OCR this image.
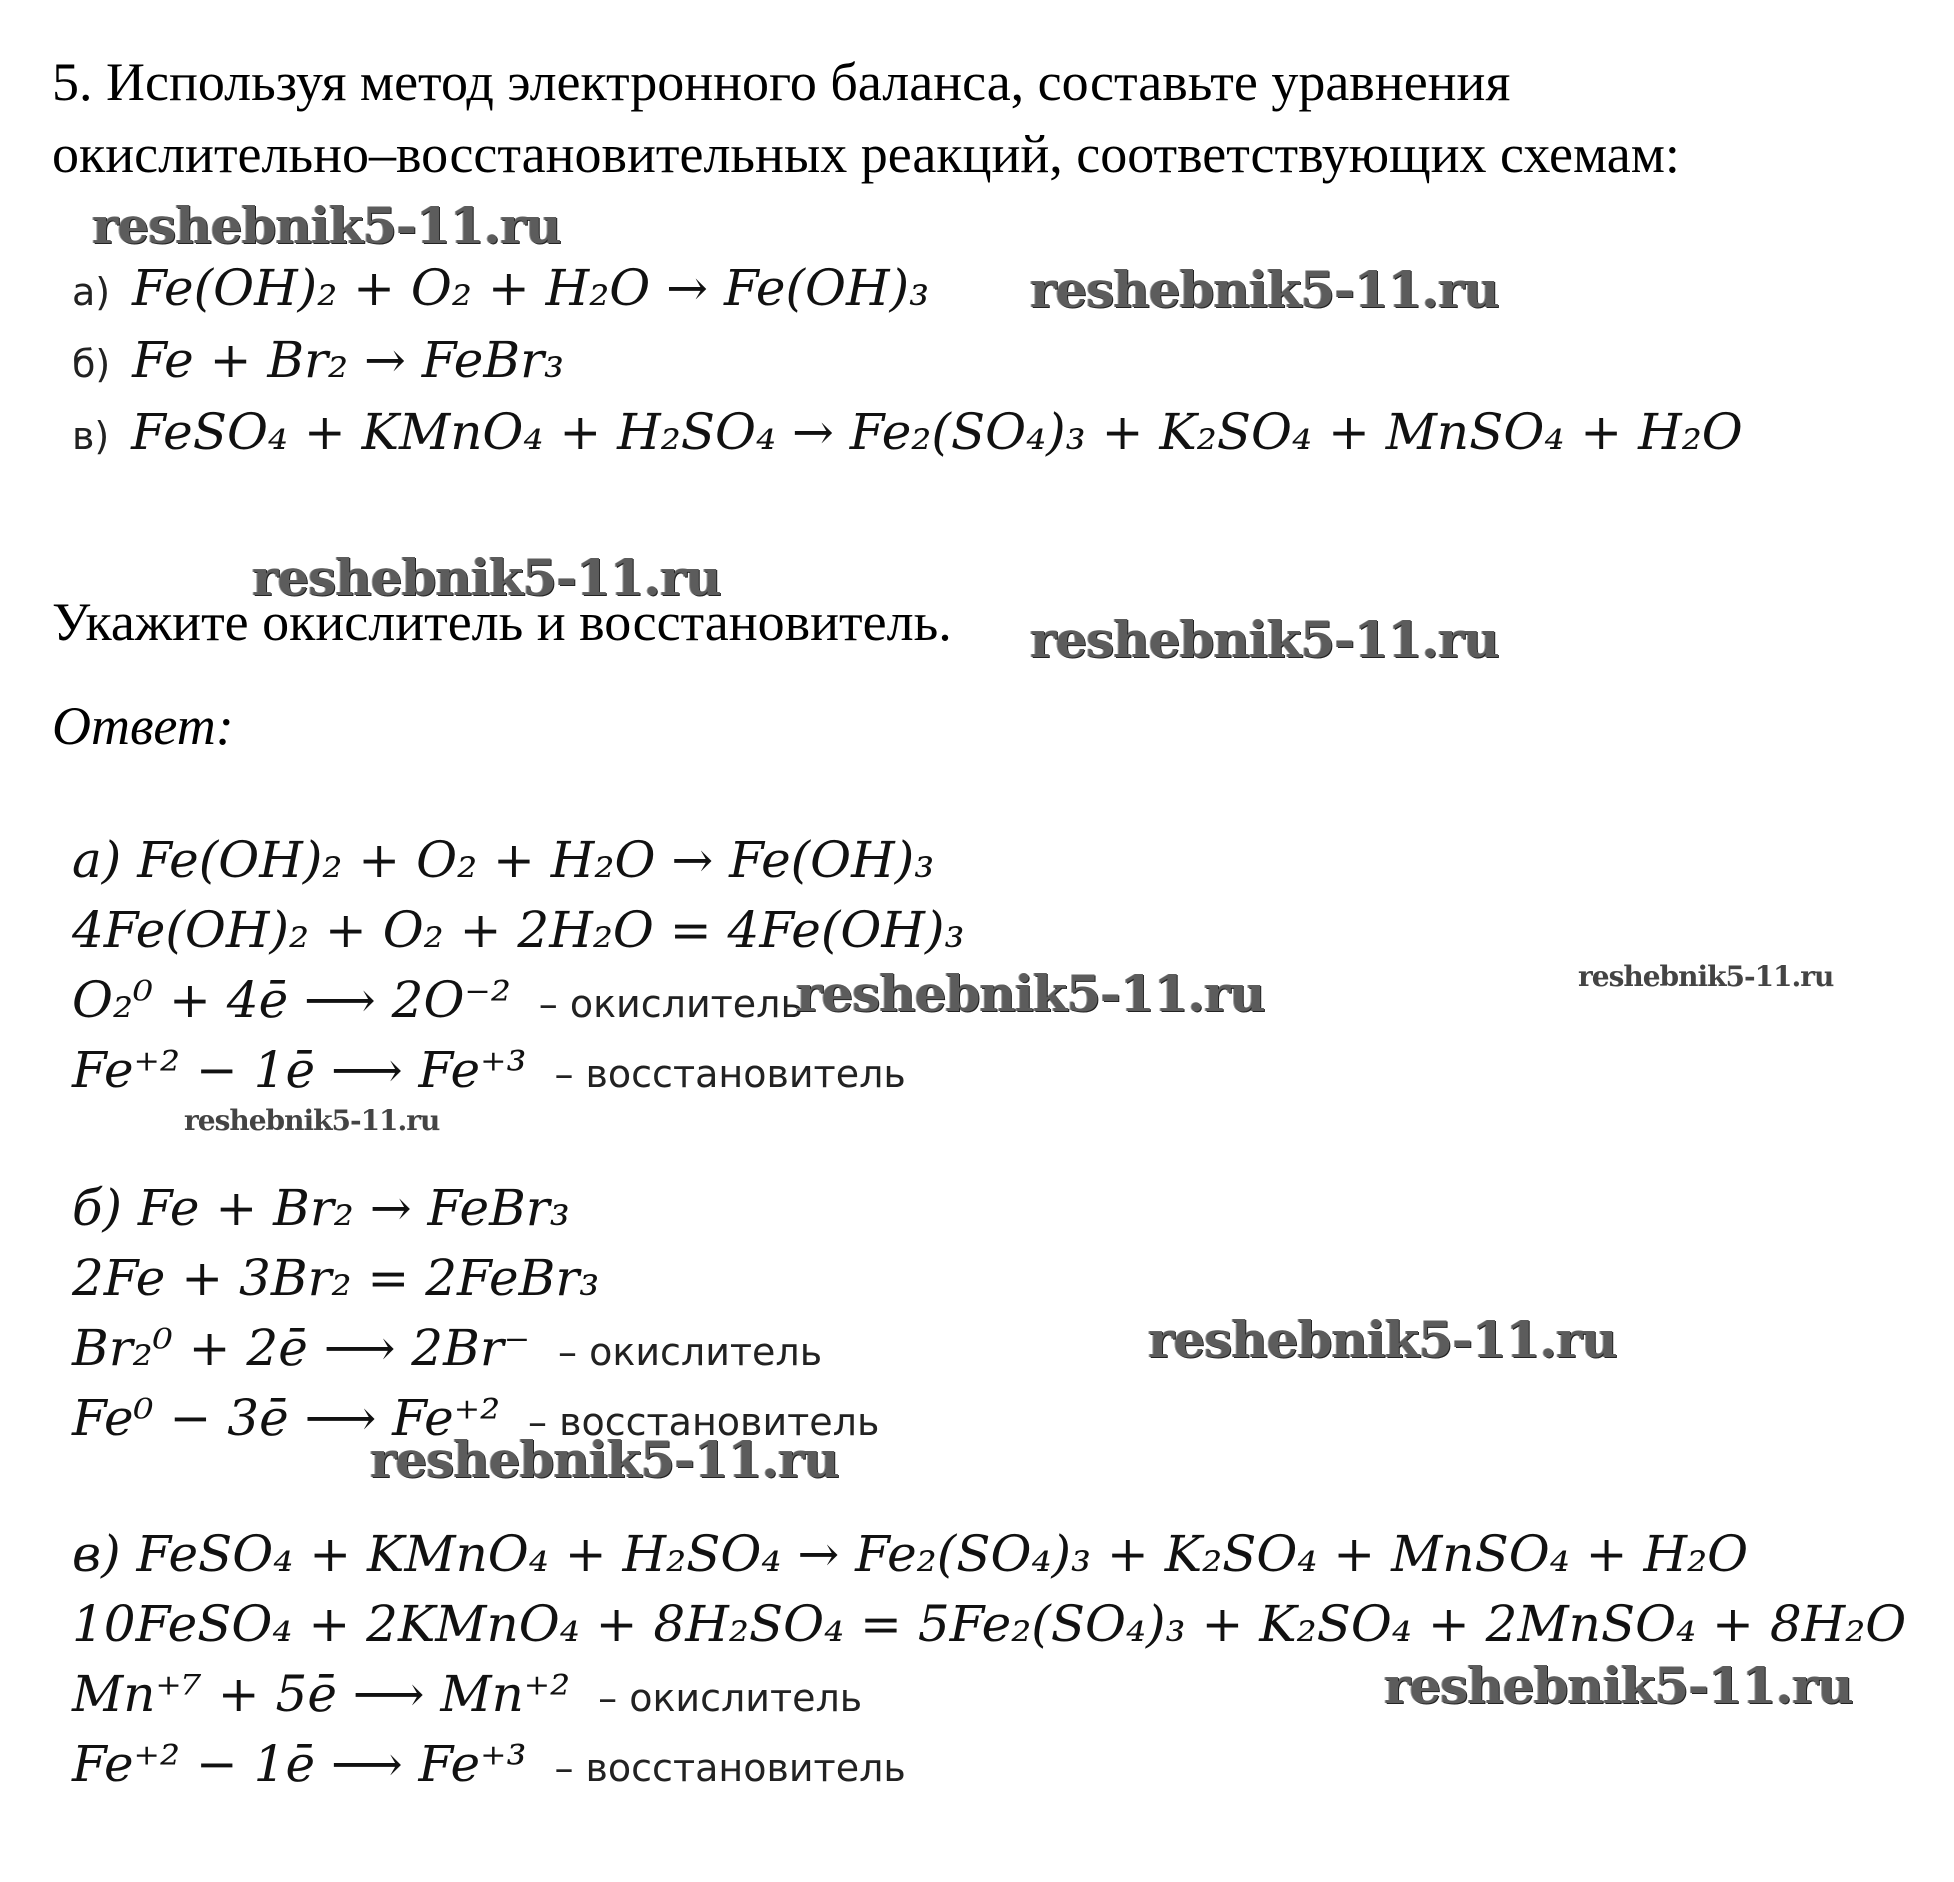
5. Используя метод электронного баланса, составьте уравнения
окислительно–восстановительных реакций, соответствующих схемам:
а) Fe(OH)₂ + O₂ + H₂O → Fe(OH)₃
б) Fe + Br₂ → FeBr₃
в) FeSO₄ + KMnO₄ + H₂SO₄ → Fe₂(SO₄)₃ + K₂SO₄ + MnSO₄ + H₂O
Укажите окислитель и восстановитель.
Ответ:
а) Fe(OH)₂ + O₂ + H₂O → Fe(OH)₃
4Fe(OH)₂ + O₂ + 2H₂O = 4Fe(OH)₃
O₂⁰ + 4ē ⟶ 2O⁻² – окислитель
Fe⁺² − 1ē ⟶ Fe⁺³ – восстановитель
б) Fe + Br₂ → FeBr₃
2Fe + 3Br₂ = 2FeBr₃
Br₂⁰ + 2ē ⟶ 2Br⁻ – окислитель
Fe⁰ − 3ē ⟶ Fe⁺² – восстановитель
в) FeSO₄ + KMnO₄ + H₂SO₄ → Fe₂(SO₄)₃ + K₂SO₄ + MnSO₄ + H₂O
10FeSO₄ + 2KMnO₄ + 8H₂SO₄ = 5Fe₂(SO₄)₃ + K₂SO₄ + 2MnSO₄ + 8H₂O
Mn⁺⁷ + 5ē ⟶ Mn⁺² – окислитель
Fe⁺² − 1ē ⟶ Fe⁺³ – восстановитель
reshebnik5-11.ru
reshebnik5-11.ru
reshebnik5-11.ru
reshebnik5-11.ru
reshebnik5-11.ru	reshebnik5-11.ru
reshebnik5-11.ru
reshebnik5-11.ru
reshebnik5-11.ru
reshebnik5-11.ru
